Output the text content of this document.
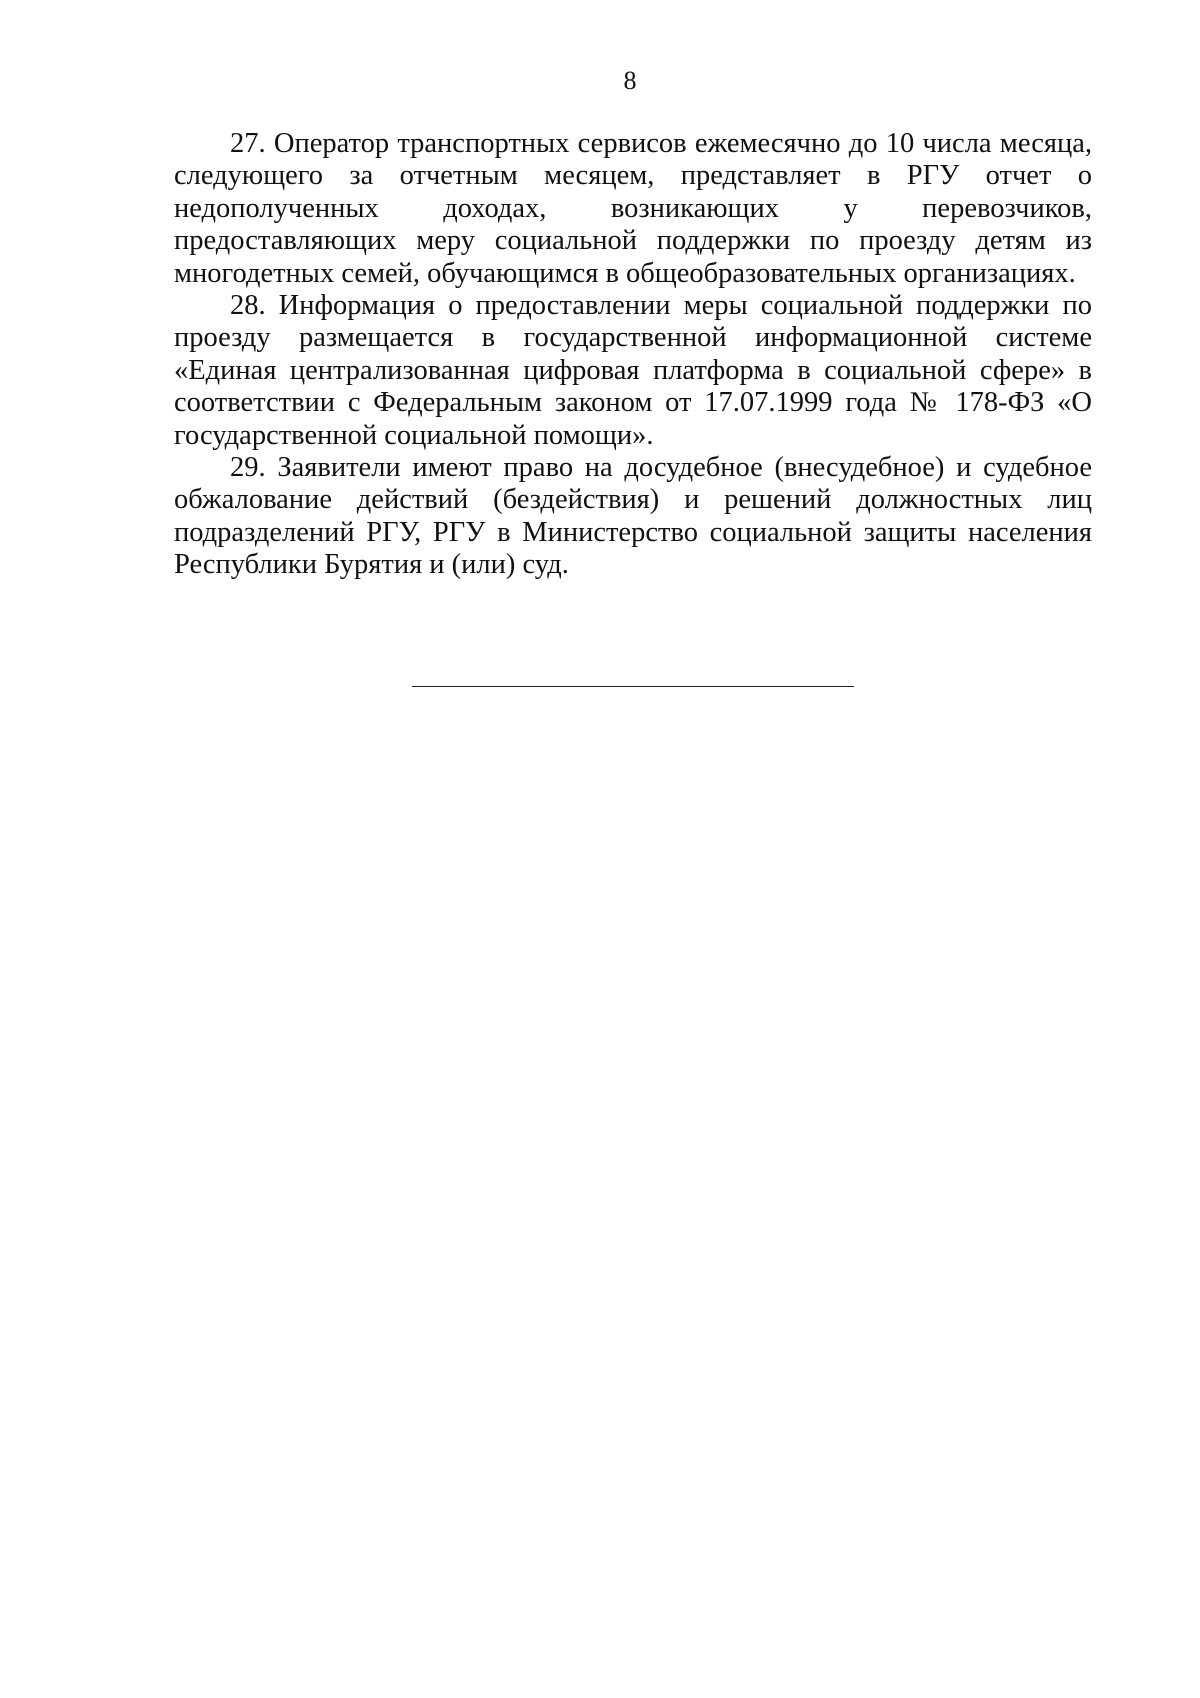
8

27. Оператор транспортных сервисов ежемесячно до 10 числа месяца, следующего за отчетным месяцем, представляет в РГУ отчет о недополученных доходах, возникающих у перевозчиков, предоставляющих меру социальной поддержки по проезду детям из многодетных семей, обучающимся в общеобразовательных организациях.

28. Информация о предоставлении меры социальной поддержки по проезду размещается в государственной информационной системе «Единая централизованная цифровая платформа в социальной сфере» в соответствии с Федеральным законом от 17.07.1999 года № 178-ФЗ «О государственной социальной помощи».

29. Заявители имеют право на досудебное (внесудебное) и судебное обжалование действий (бездействия) и решений должностных лиц подразделений РГУ, РГУ в Министерство социальной защиты населения Республики Бурятия и (или) суд.
